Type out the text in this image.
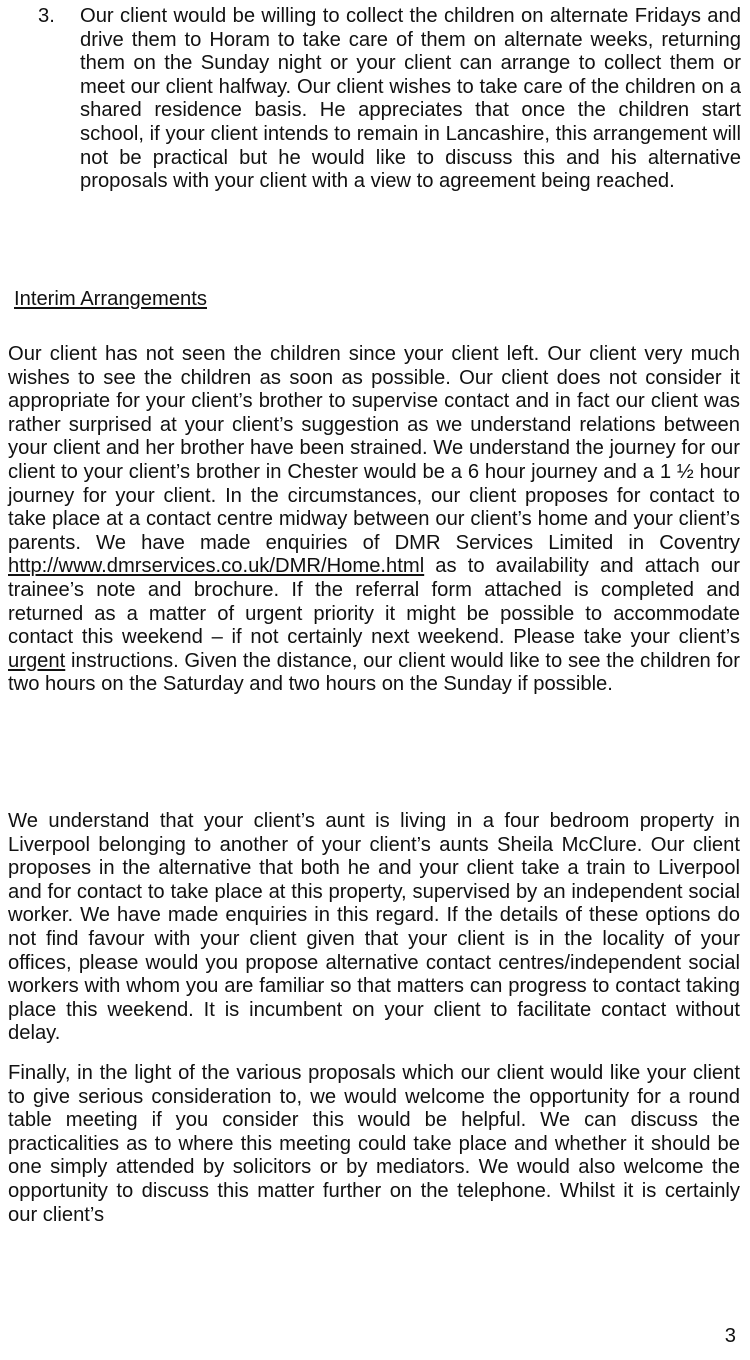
3.	Our client would be willing to collect the children on alternate Fridays and drive them to Horam to take care of them on alternate weeks, returning them on the Sunday night or your client can arrange to collect them or meet our client halfway. Our client wishes to take care of the children on a shared residence basis. He appreciates that once the children start school, if your client intends to remain in Lancashire, this arrangement will not be practical but he would like to discuss this and his alternative proposals with your client with a view to agreement being reached.
Interim Arrangements

Our client has not seen the children since your client left. Our client very much wishes to see the children as soon as possible. Our client does not consider it appropriate for your client’s brother to supervise contact and in fact our client was rather surprised at your client’s suggestion as we understand relations between your client and her brother have been strained. We understand the journey for our client to your client’s brother in Chester would be a 6 hour journey and a 1 ½ hour journey for your client. In the circumstances, our client proposes for contact to take place at a contact centre midway between our client’s home and your client’s parents. We have made enquiries of DMR Services Limited in Coventry http://www.dmrservices.co.uk/DMR/Home.html as to availability and attach our trainee’s note and brochure. If the referral form attached is completed and returned as a matter of urgent priority it might be possible to accommodate contact this weekend – if not certainly next weekend. Please take your client’s urgent instructions. Given the distance, our client would like to see the children for two hours on the Saturday and two hours on the Sunday if possible.

We understand that your client’s aunt is living in a four bedroom property in Liverpool belonging to another of your client’s aunts Sheila McClure. Our client proposes in the alternative that both he and your client take a train to Liverpool and for contact to take place at this property, supervised by an independent social worker. We have made enquiries in this regard. If the details of these options do not find favour with your client given that your client is in the locality of your offices, please would you propose alternative contact centres/independent social workers with whom you are familiar so that matters can progress to contact taking place this weekend. It is incumbent on your client to facilitate contact without delay.

Finally, in the light of the various proposals which our client would like your client to give serious consideration to, we would welcome the opportunity for a round table meeting if you consider this would be helpful. We can discuss the practicalities as to where this meeting could take place and whether it should be one simply attended by solicitors or by mediators. We would also welcome the opportunity to discuss this matter further on the telephone. Whilst it is certainly our client’s

3
